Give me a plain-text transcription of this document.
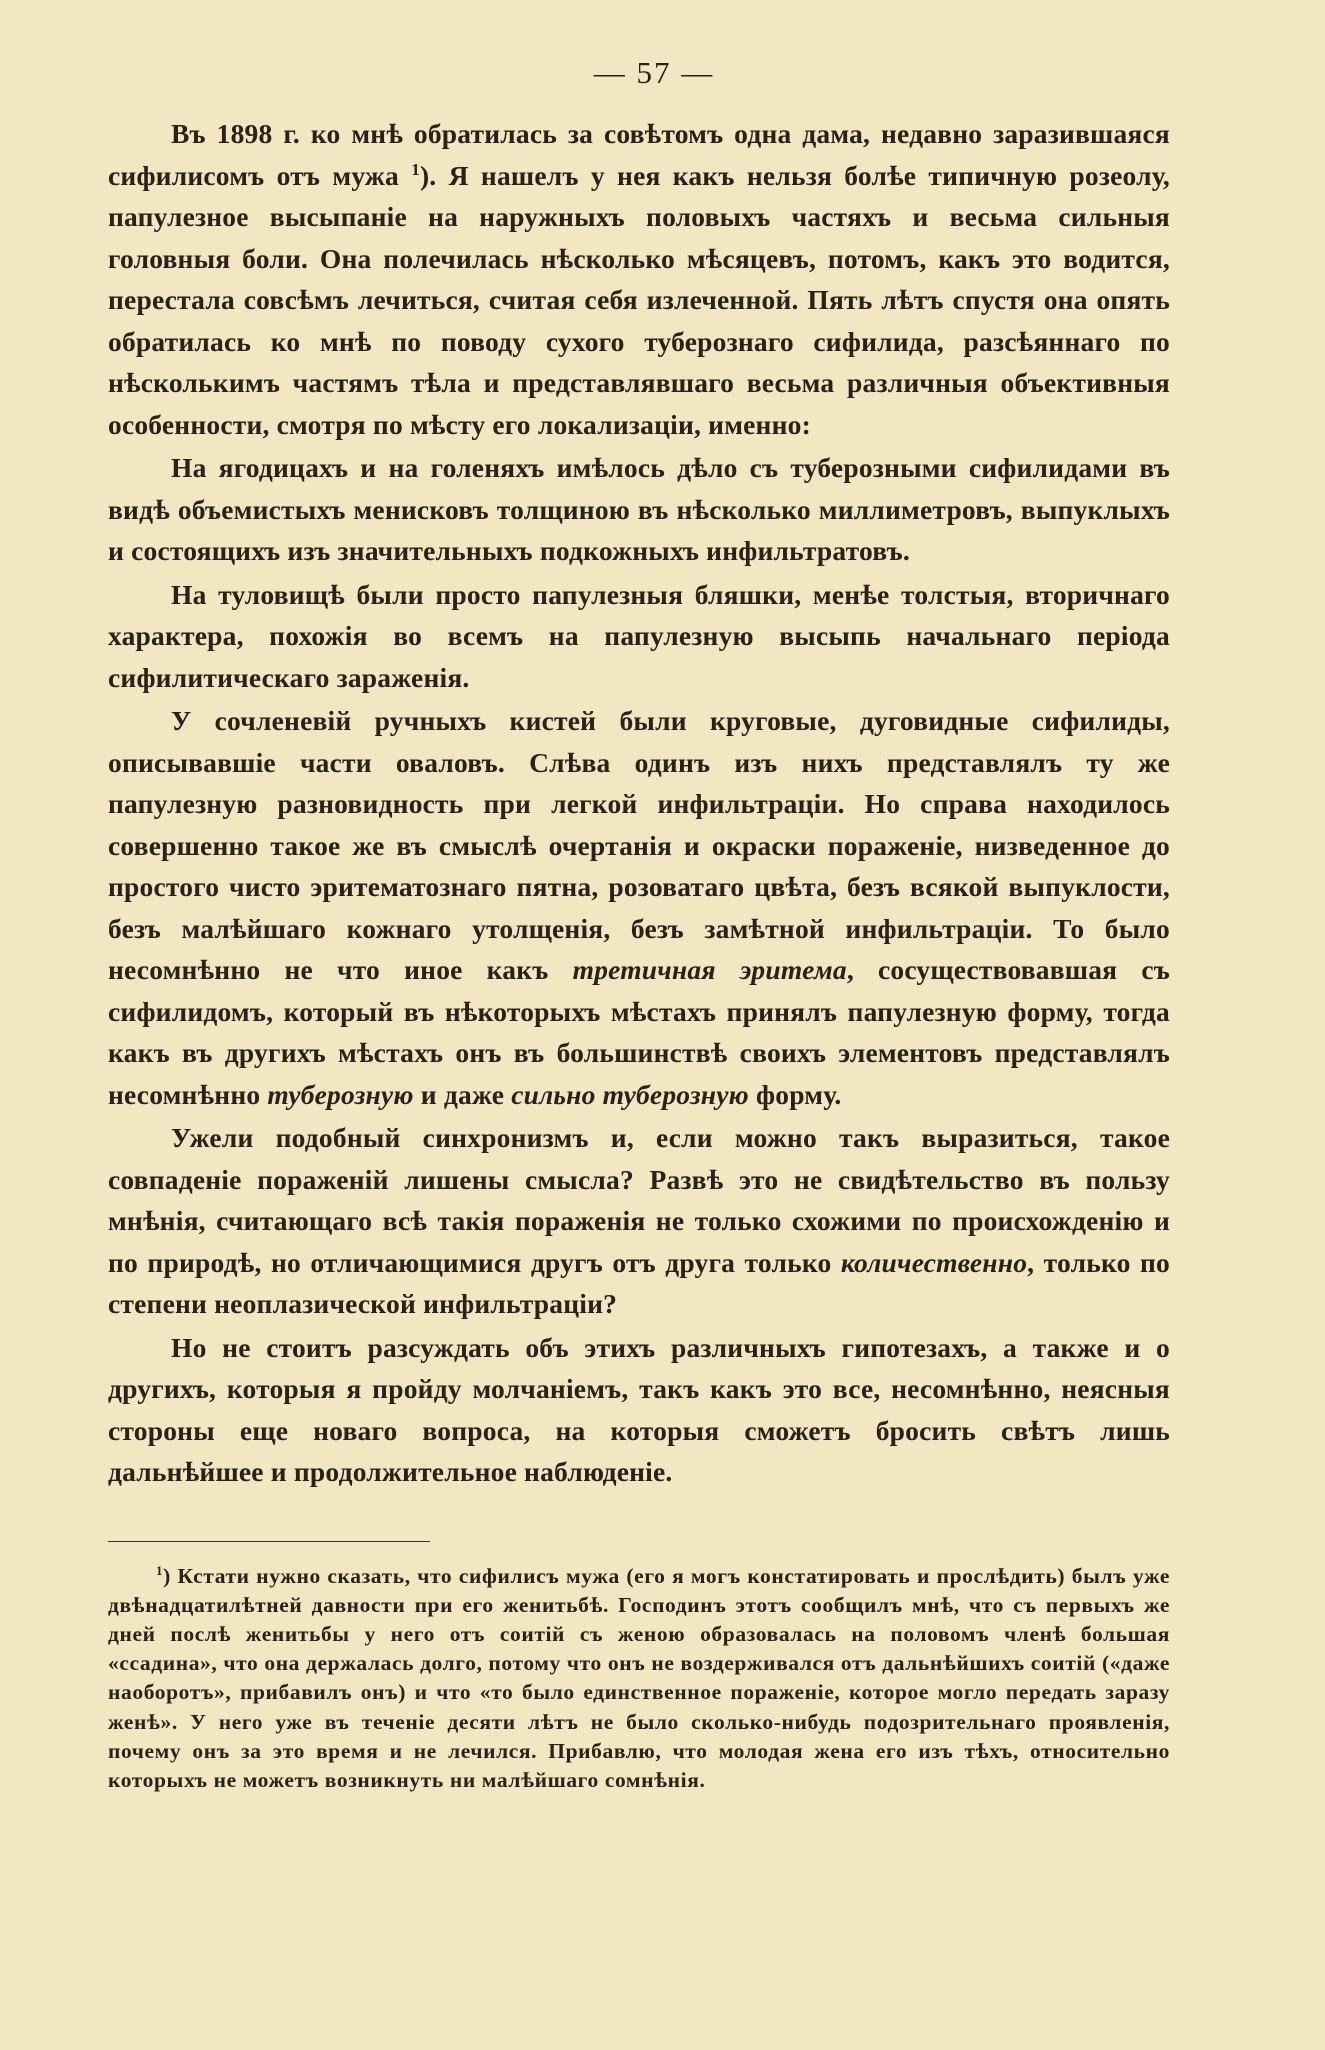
— 57 —

Въ 1898 г. ко мнѣ обратилась за совѣтомъ одна дама, недавно заразившаяся сифилисомъ отъ мужа $^1$). Я нашелъ у нея какъ нельзя болѣе типичную розеолу, папулезное высыпаніе на наружныхъ половыхъ частяхъ и весьма сильныя головныя боли. Она полечилась нѣсколько мѣсяцевъ, потомъ, какъ это водится, перестала совсѣмъ лечиться, считая себя излеченной. Пять лѣтъ спустя она опять обратилась ко мнѣ по поводу сухого туберознаго сифилида, разсѣяннаго по нѣсколькимъ частямъ тѣла и представлявшаго весьма различныя объективныя особенности, смотря по мѣсту его локализаціи, именно:

На ягодицахъ и на голеняхъ имѣлось дѣло съ туберозными сифилидами въ видѣ объемистыхъ менисковъ толщиною въ нѣсколько миллиметровъ, выпуклыхъ и состоящихъ изъ значительныхъ подкожныхъ инфильтратовъ.

На туловищѣ были просто папулезныя бляшки, менѣе толстыя, вторичнаго характера, похожія во всемъ на папулезную высыпь начальнаго періода сифилитическаго зараженія.

У сочленевій ручныхъ кистей были круговые, дуговидные сифилиды, описывавшіе части оваловъ. Слѣва одинъ изъ нихъ представлялъ ту же папулезную разновидность при легкой инфильтраціи. Но справа находилось совершенно такое же въ смыслѣ очертанія и окраски пораженіе, низведенное до простого чисто эритематознаго пятна, розоватаго цвѣта, безъ всякой выпуклости, безъ малѣйшаго кожнаго утолщенія, безъ замѣтной инфильтраціи. То было несомнѣнно не что иное какъ третичная эритема, сосуществовавшая съ сифилидомъ, который въ нѣкоторыхъ мѣстахъ принялъ папулезную форму, тогда какъ въ другихъ мѣстахъ онъ въ большинствѣ своихъ элементовъ представлялъ несомнѣнно туберозную и даже сильно туберозную форму.

Ужели подобный синхронизмъ и, если можно такъ выразиться, такое совпаденіе пораженій лишены смысла? Развѣ это не свидѣтельство въ пользу мнѣнія, считающаго всѣ такія пораженія не только схожими по происхожденію и по природѣ, но отличающимися другъ отъ друга только количественно, только по степени неоплазической инфильтраціи?

Но не стоитъ разсуждать объ этихъ различныхъ гипотезахъ, а также и о другихъ, которыя я пройду молчаніемъ, такъ какъ это все, несомнѣнно, неясныя стороны еще новаго вопроса, на которыя сможетъ бросить свѣтъ лишь дальнѣйшее и продолжительное наблюденіе.

$^1$) Кстати нужно сказать, что сифилисъ мужа (его я могъ констатировать и прослѣдить) былъ уже двѣнадцатилѣтней давности при его женитьбѣ. Господинъ этотъ сообщилъ мнѣ, что съ первыхъ же дней послѣ женитьбы у него отъ соитій съ женою образовалась на половомъ членѣ большая «ссадина», что она держалась долго, потому что онъ не воздерживался отъ дальнѣйшихъ соитій («даже наоборотъ», прибавилъ онъ) и что «то было единственное пораженіе, которое могло передать заразу женѣ». У него уже въ теченіе десяти лѣтъ не было сколько-нибудь подозрительнаго проявленія, почему онъ за это время и не лечился. Прибавлю, что молодая жена его изъ тѣхъ, относительно которыхъ не можетъ возникнуть ни малѣйшаго сомнѣнія.
